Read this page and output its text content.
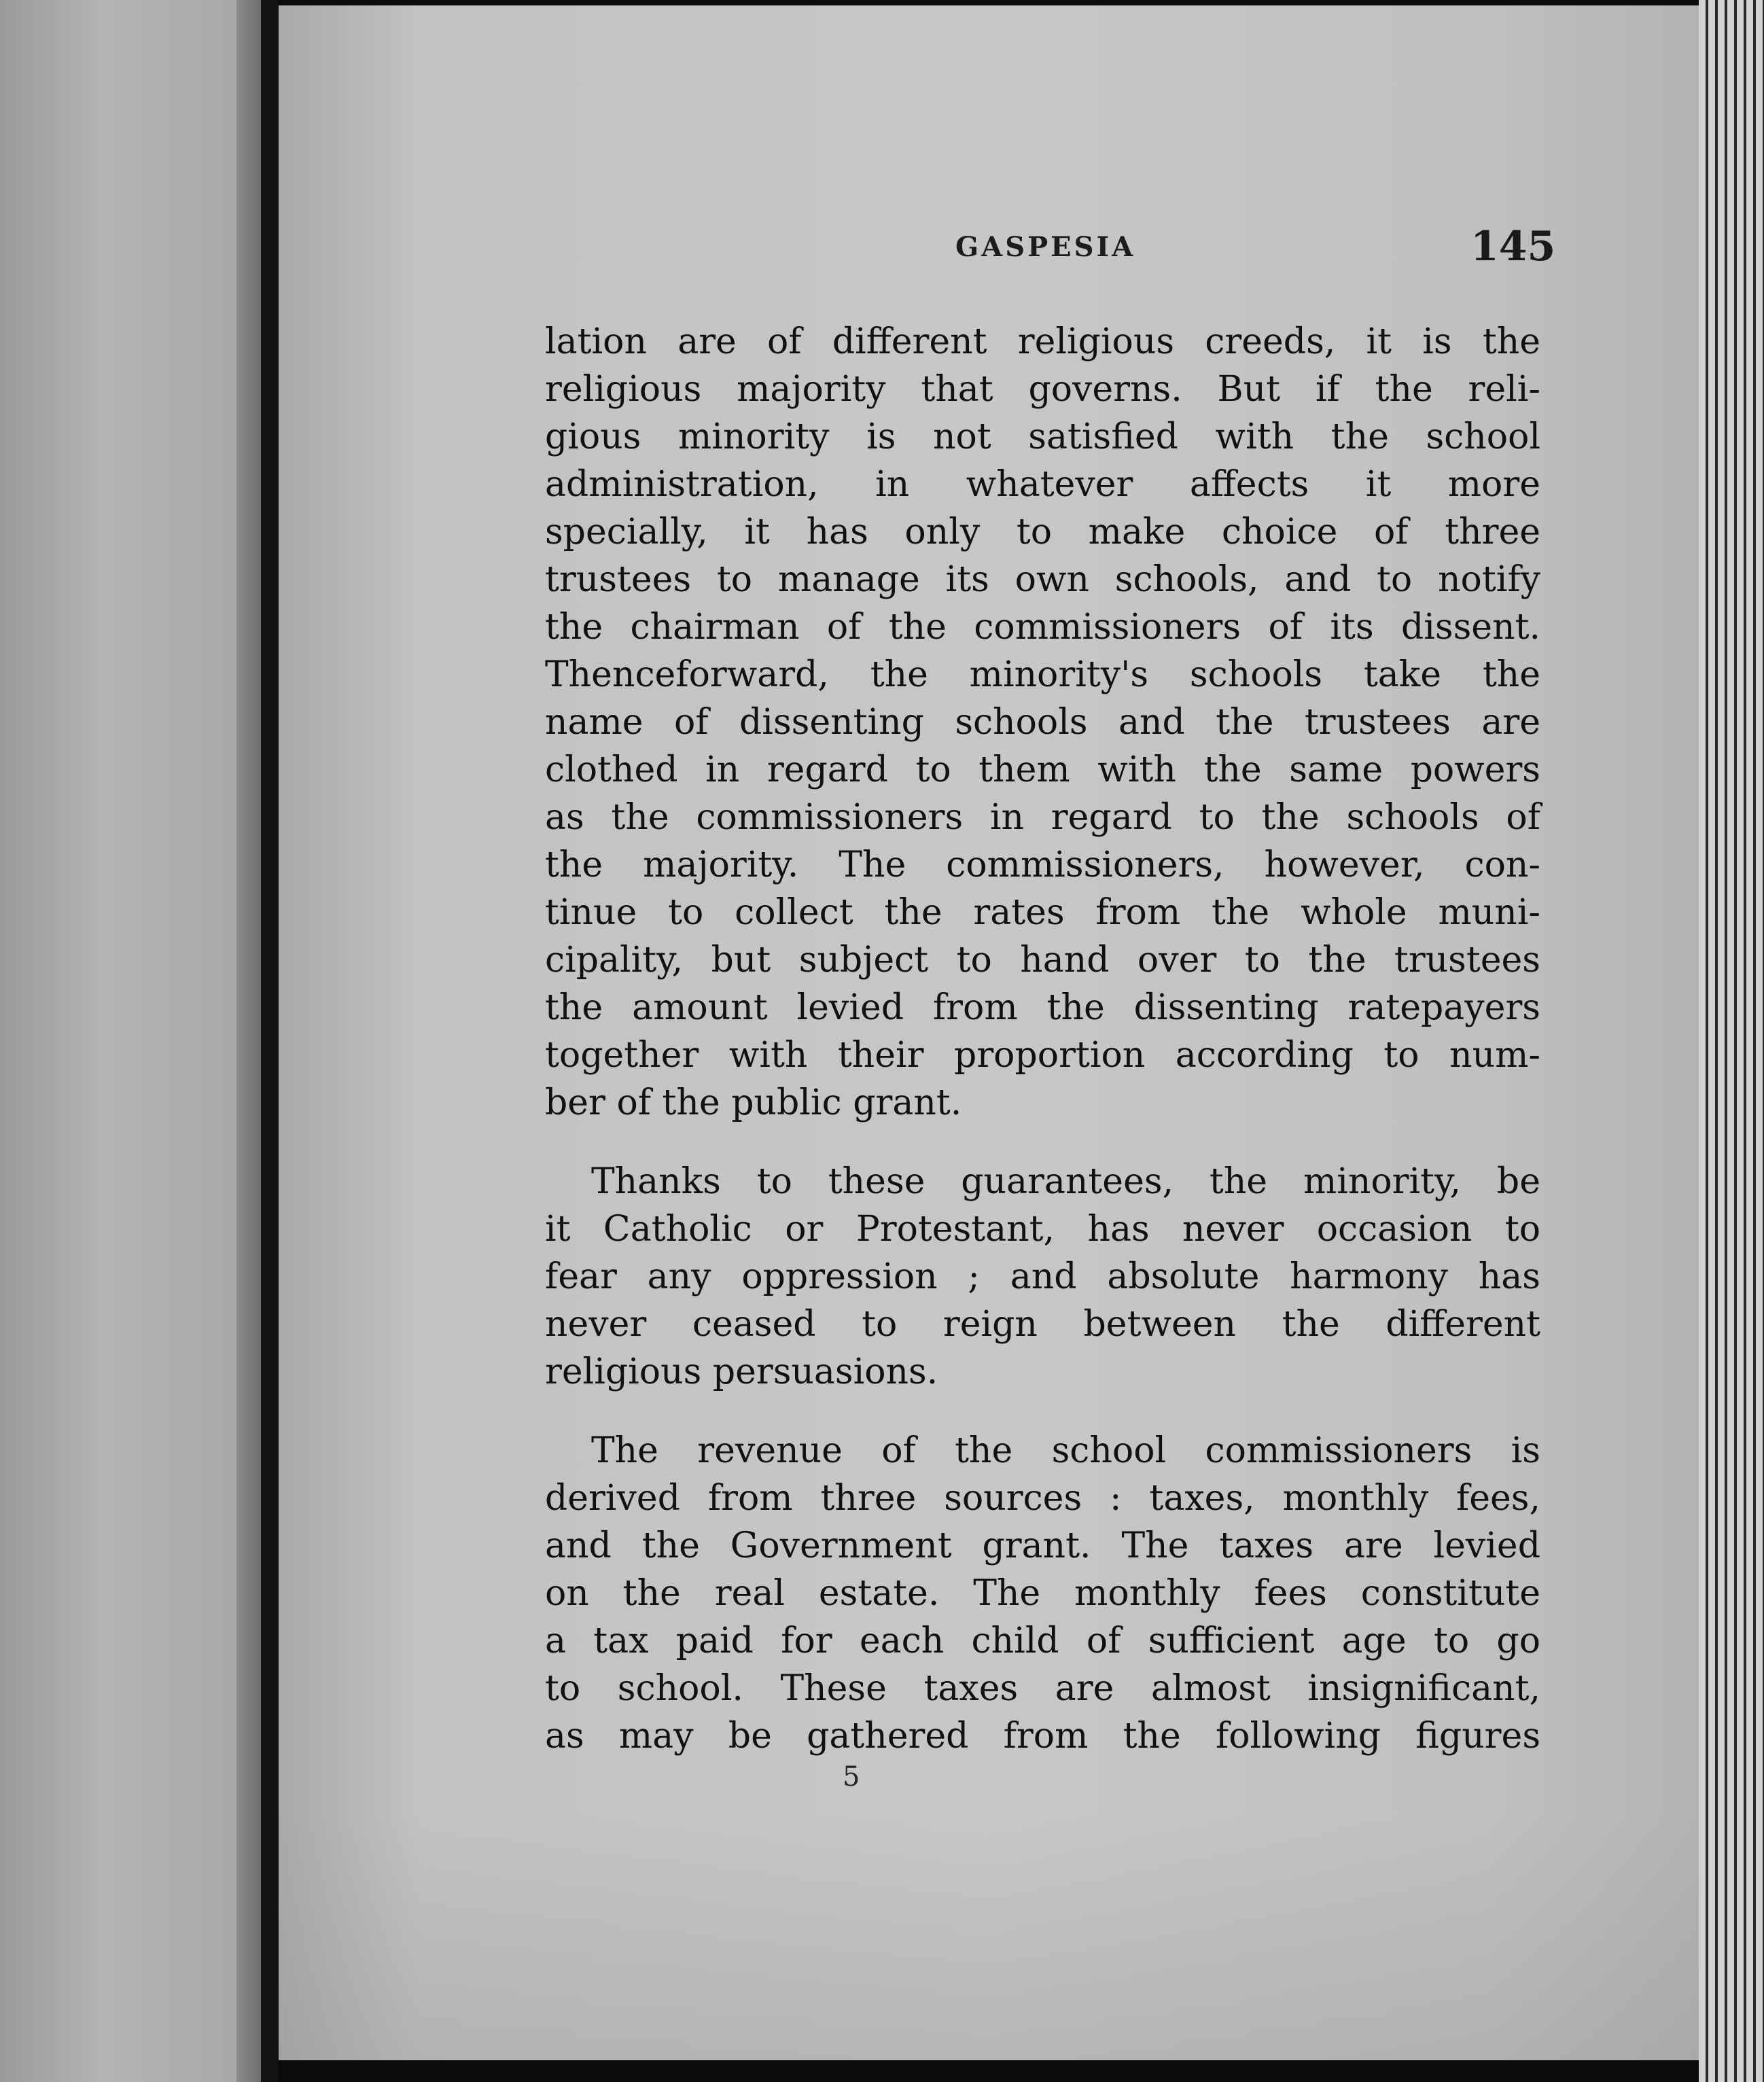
GASPESIA	145
lation are of different religious creeds, it is the
religious majority that governs. But if the reli-
gious minority is not satisfied with the school
administration, in whatever affects it more
specially, it has only to make choice of three
trustees to manage its own schools, and to notify
the chairman of the commissioners of its dissent.
Thenceforward, the minority's schools take the
name of dissenting schools and the trustees are
clothed in regard to them with the same powers
as the commissioners in regard to the schools of
the majority. The commissioners, however, con-
tinue to collect the rates from the whole muni-
cipality, but subject to hand over to the trustees
the amount levied from the dissenting ratepayers
together with their proportion according to num-
ber of the public grant.
Thanks to these guarantees, the minority, be
it Catholic or Protestant, has never occasion to
fear any oppression ; and absolute harmony has
never ceased to reign between the different
religious persuasions.
The revenue of the school commissioners is
derived from three sources : taxes, monthly fees,
and the Government grant. The taxes are levied
on the real estate. The monthly fees constitute
a tax paid for each child of sufficient age to go
to school. These taxes are almost insignificant,
as may be gathered from the following figures
5
